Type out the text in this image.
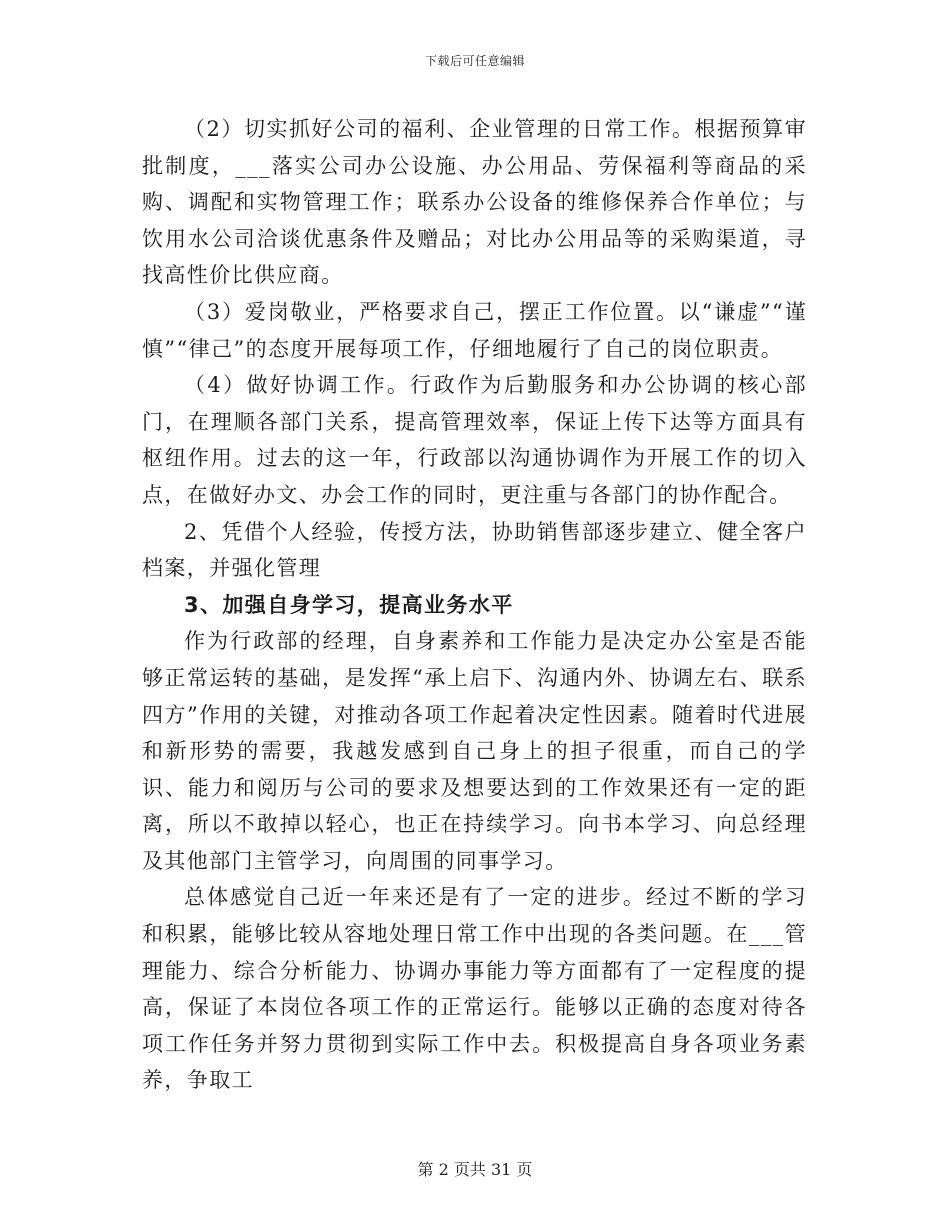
下载后可任意编辑

（2）切实抓好公司的福利、企业管理的日常工作。根据预算审批制度，___落实公司办公设施、办公用品、劳保福利等商品的采购、调配和实物管理工作；联系办公设备的维修保养合作单位；与饮用水公司洽谈优惠条件及赠品；对比办公用品等的采购渠道，寻找高性价比供应商。

（3）爱岗敬业，严格要求自己，摆正工作位置。以“谦虚”“谨慎”“律己”的态度开展每项工作，仔细地履行了自己的岗位职责。

（4）做好协调工作。行政作为后勤服务和办公协调的核心部门，在理顺各部门关系，提高管理效率，保证上传下达等方面具有枢纽作用。过去的这一年，行政部以沟通协调作为开展工作的切入点，在做好办文、办会工作的同时，更注重与各部门的协作配合。

2、凭借个人经验，传授方法，协助销售部逐步建立、健全客户档案，并强化管理

3、加强自身学习，提高业务水平

作为行政部的经理，自身素养和工作能力是决定办公室是否能够正常运转的基础，是发挥“承上启下、沟通内外、协调左右、联系四方”作用的关键，对推动各项工作起着决定性因素。随着时代进展和新形势的需要，我越发感到自己身上的担子很重，而自己的学识、能力和阅历与公司的要求及想要达到的工作效果还有一定的距离，所以不敢掉以轻心，也正在持续学习。向书本学习、向总经理及其他部门主管学习，向周围的同事学习。

总体感觉自己近一年来还是有了一定的进步。经过不断的学习和积累，能够比较从容地处理日常工作中出现的各类问题。在___管理能力、综合分析能力、协调办事能力等方面都有了一定程度的提高，保证了本岗位各项工作的正常运行。能够以正确的态度对待各项工作任务并努力贯彻到实际工作中去。积极提高自身各项业务素养，争取工

第 2 页共 31 页
